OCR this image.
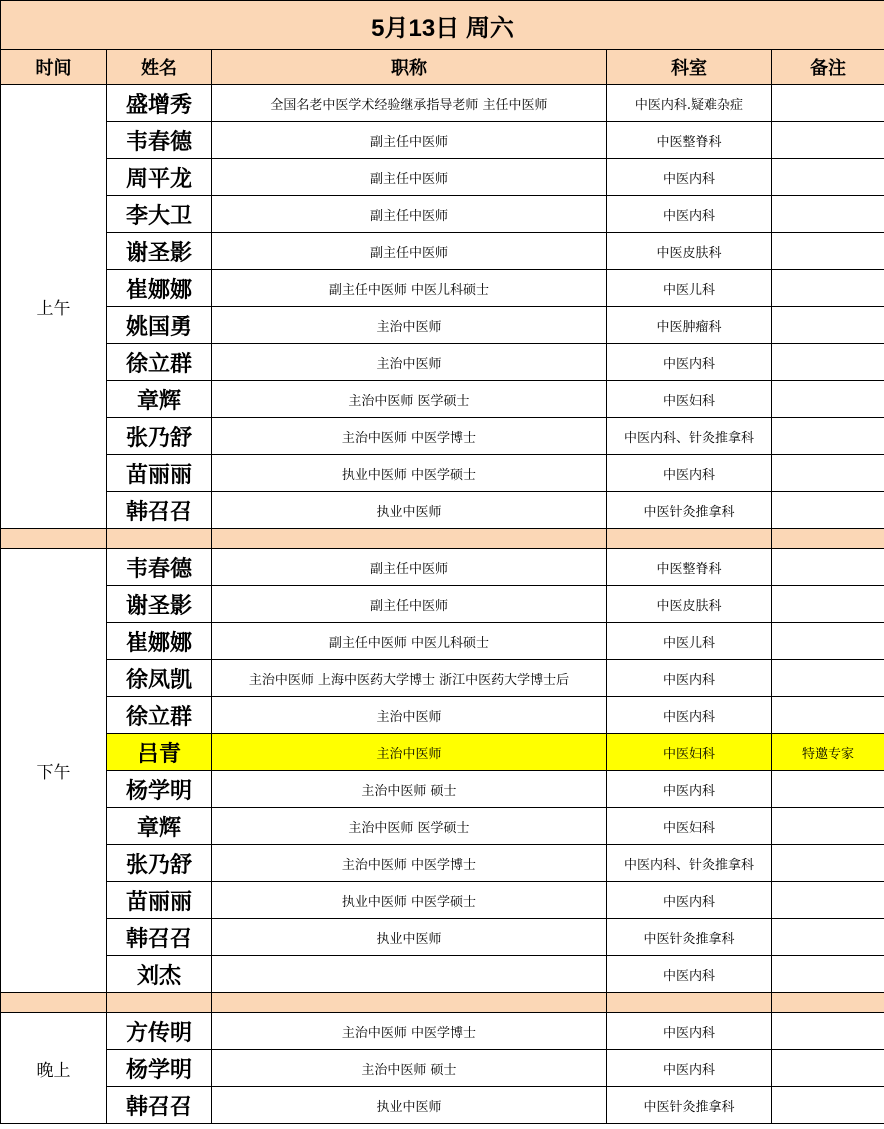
5月13日 周六				
时间	姓名	职称	科室	备注
上午	盛增秀	全国名老中医学术经验继承指导老师 主任中医师	中医内科.疑难杂症	
	韦春德	副主任中医师	中医整脊科	
	周平龙	副主任中医师	中医内科	
	李大卫	副主任中医师	中医内科	
	谢圣影	副主任中医师	中医皮肤科	
	崔娜娜	副主任中医师 中医儿科硕士	中医儿科	
	姚国勇	主治中医师	中医肿瘤科	
	徐立群	主治中医师	中医内科	
	章辉	主治中医师 医学硕士	中医妇科	
	张乃舒	主治中医师 中医学博士	中医内科、针灸推拿科	
	苗丽丽	执业中医师 中医学硕士	中医内科	
	韩召召	执业中医师	中医针灸推拿科	

下午	韦春德	副主任中医师	中医整脊科	
	谢圣影	副主任中医师	中医皮肤科	
	崔娜娜	副主任中医师 中医儿科硕士	中医儿科	
	徐凤凯	主治中医师 上海中医药大学博士 浙江中医药大学博士后	中医内科	
	徐立群	主治中医师	中医内科	
	吕青	主治中医师	中医妇科	特邀专家
	杨学明	主治中医师 硕士	中医内科	
	章辉	主治中医师 医学硕士	中医妇科	
	张乃舒	主治中医师 中医学博士	中医内科、针灸推拿科	
	苗丽丽	执业中医师 中医学硕士	中医内科	
	韩召召	执业中医师	中医针灸推拿科	
	刘杰		中医内科	

晚上	方传明	主治中医师 中医学博士	中医内科	
	杨学明	主治中医师 硕士	中医内科	
	韩召召	执业中医师	中医针灸推拿科	
